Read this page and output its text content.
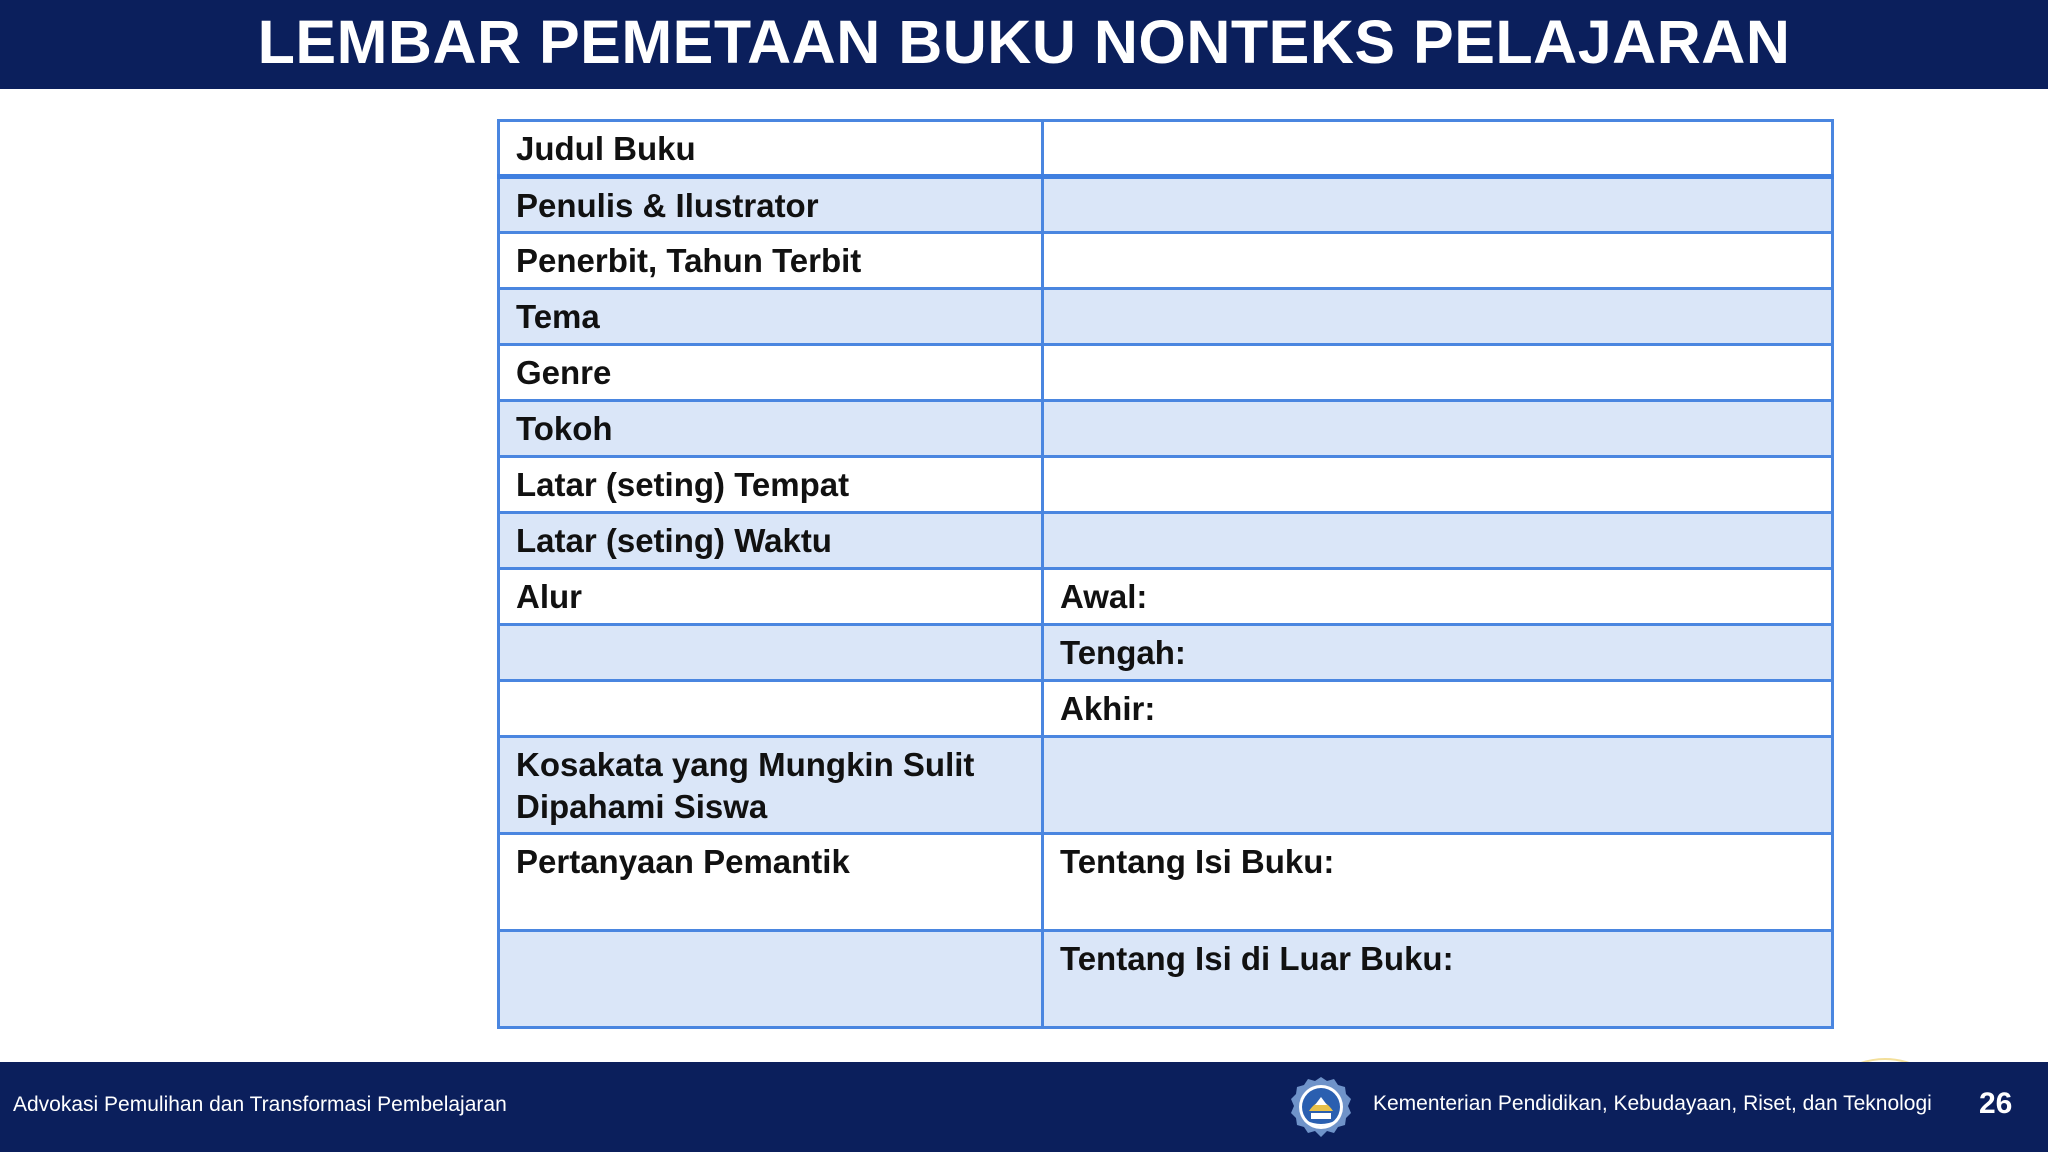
LEMBAR PEMETAAN BUKU NONTEKS PELAJARAN
Judul Buku	
Penulis & Ilustrator	
Penerbit, Tahun Terbit	
Tema	
Genre	
Tokoh	
Latar (seting) Tempat	
Latar (seting) Waktu	
Alur	Awal:
	Tengah:
	Akhir:
Kosakata yang Mungkin Sulit Dipahami Siswa	
Pertanyaan Pemantik	Tentang Isi Buku:
	Tentang Isi di Luar Buku:
Advokasi Pemulihan dan Transformasi Pembelajaran	Kementerian Pendidikan, Kebudayaan, Riset, dan Teknologi 26
